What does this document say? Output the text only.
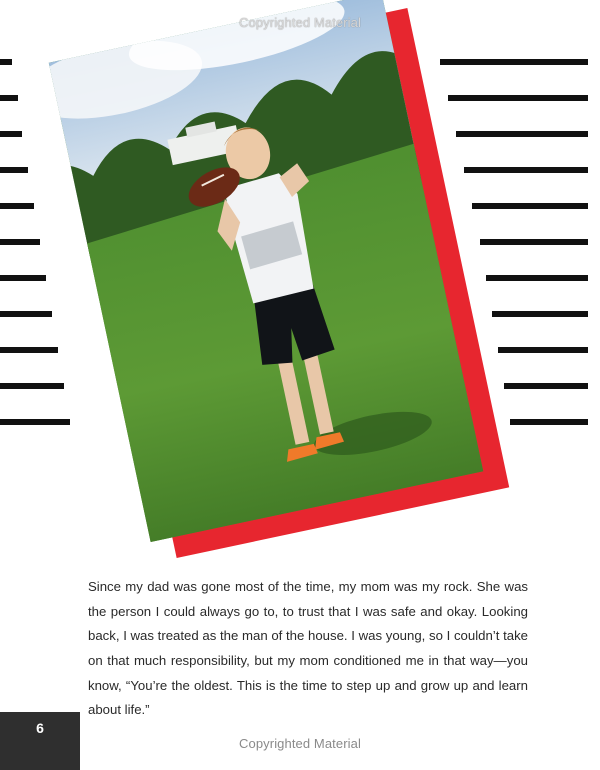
Copyrighted Material

Since my dad was gone most of the time, my mom was my rock. She was the person I could always go to, to trust that I was safe and okay. Looking back, I was treated as the man of the house. I was young, so I couldn’t take on that much responsibility, but my mom conditioned me in that way—you know, “You’re the oldest. This is the time to step up and grow up and learn about life.”

6
Copyrighted Material
